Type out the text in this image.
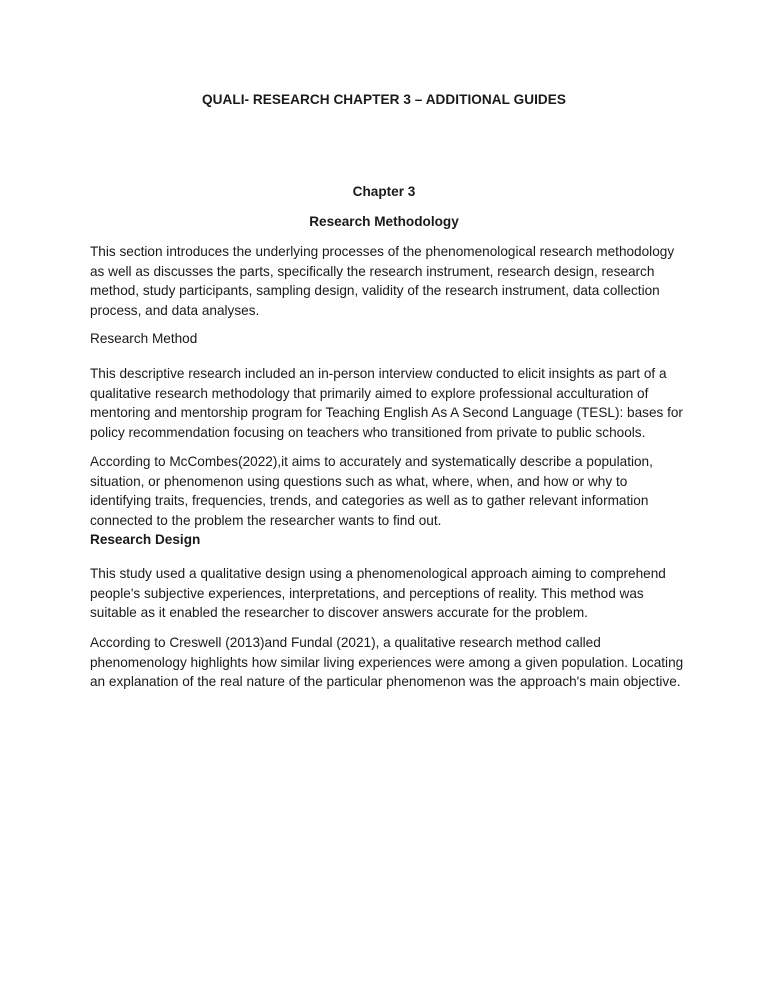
QUALI- RESEARCH CHAPTER 3 – ADDITIONAL GUIDES
Chapter 3
Research Methodology

This section introduces the underlying processes of the phenomenological research methodology as well as discusses the parts, specifically the research instrument, research design, research method, study participants, sampling design, validity of the research instrument, data collection process, and data analyses.

Research Method

This descriptive research included an in-person interview conducted to elicit insights as part of a qualitative research methodology that primarily aimed to explore professional acculturation of mentoring and mentorship program for Teaching English As A Second Language (TESL): bases for policy recommendation focusing on teachers who transitioned from private to public schools.

According to McCombes(2022),it aims to accurately and systematically describe a population, situation, or phenomenon using questions such as what, where, when, and how or why to identifying traits, frequencies, trends, and categories as well as to gather relevant information connected to the problem the researcher wants to find out.

Research Design

This study used a qualitative design using a phenomenological approach aiming to comprehend people's subjective experiences, interpretations, and perceptions of reality. This method was suitable as it enabled the researcher to discover answers accurate for the problem.

According to Creswell (2013)and Fundal (2021), a qualitative research method called phenomenology highlights how similar living experiences were among a given population. Locating an explanation of the real nature of the particular phenomenon was the approach's main objective.
